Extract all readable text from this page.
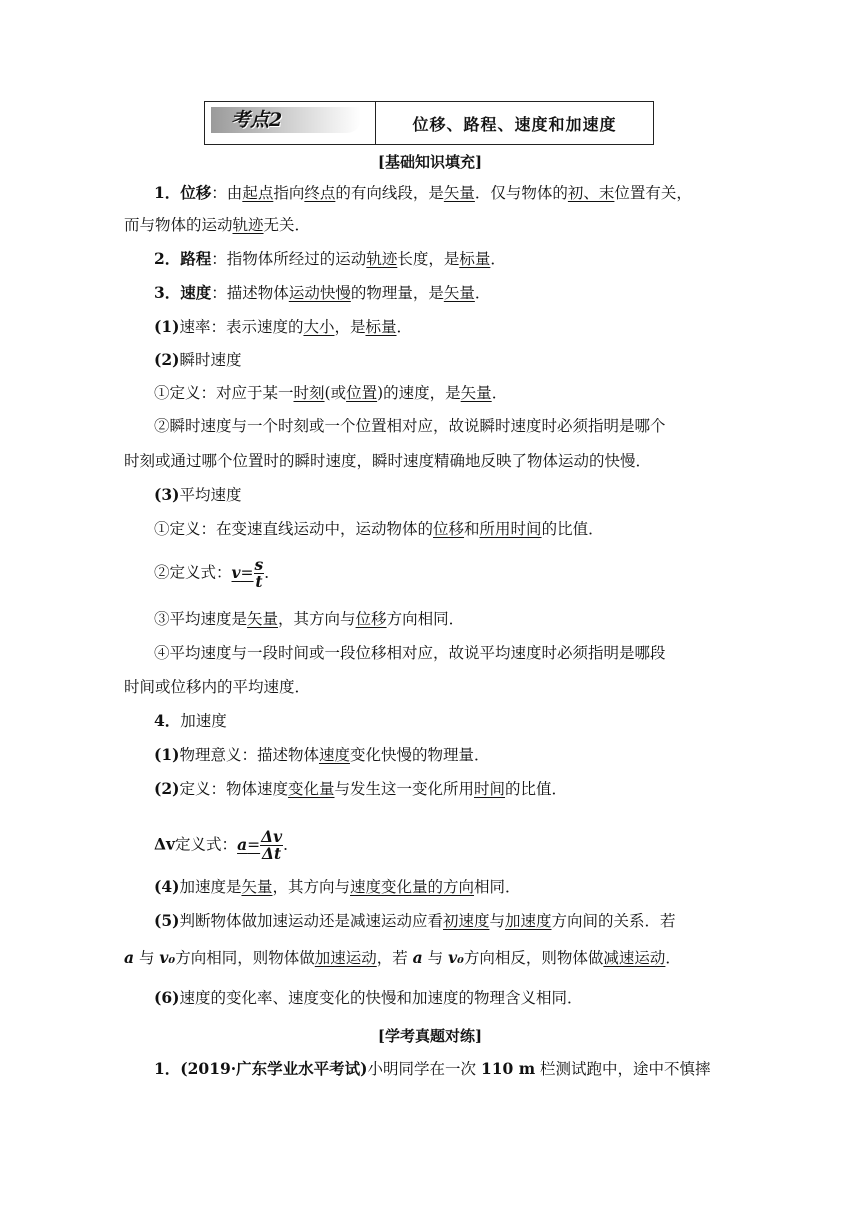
考点2	位移、路程、速度和加速度
[基础知识填充]
1．位移：由起点指向终点的有向线段，是矢量．仅与物体的初、末位置有关，
而与物体的运动轨迹无关．
2．路程：指物体所经过的运动轨迹长度，是标量．
3．速度：描述物体运动快慢的物理量，是矢量．
(1)速率：表示速度的大小，是标量．
(2)瞬时速度
①定义：对应于某一时刻(或位置)的速度，是矢量．
②瞬时速度与一个时刻或一个位置相对应，故说瞬时速度时必须指明是哪个
时刻或通过哪个位置时的瞬时速度，瞬时速度精确地反映了物体运动的快慢．
(3)平均速度
①定义：在变速直线运动中，运动物体的位移和所用时间的比值．
②定义式：$v= \frac{s}{t}$ ．
③平均速度是矢量，其方向与位移方向相同．
④平均速度与一段时间或一段位移相对应，故说平均速度时必须指明是哪段
时间或位移内的平均速度．
4．加速度
(1)物理意义：描述物体速度变化快慢的物理量．
(2)定义：物体速度变化量与发生这一变化所用时间的比值．
Δv定义式：$a= \frac{\Delta v}{\Delta t}$ ．
(4)加速度是矢量，其方向与速度变化量的方向相同．
(5)判断物体做加速运动还是减速运动应看初速度与加速度方向间的关系．若
a 与 v₀方向相同，则物体做加速运动，若 a 与 v₀方向相反，则物体做减速运动．
(6)速度的变化率、速度变化的快慢和加速度的物理含义相同．
[学考真题对练]
1．(2019·广东学业水平考试)小明同学在一次 110 m 栏测试跑中，途中不慎摔
